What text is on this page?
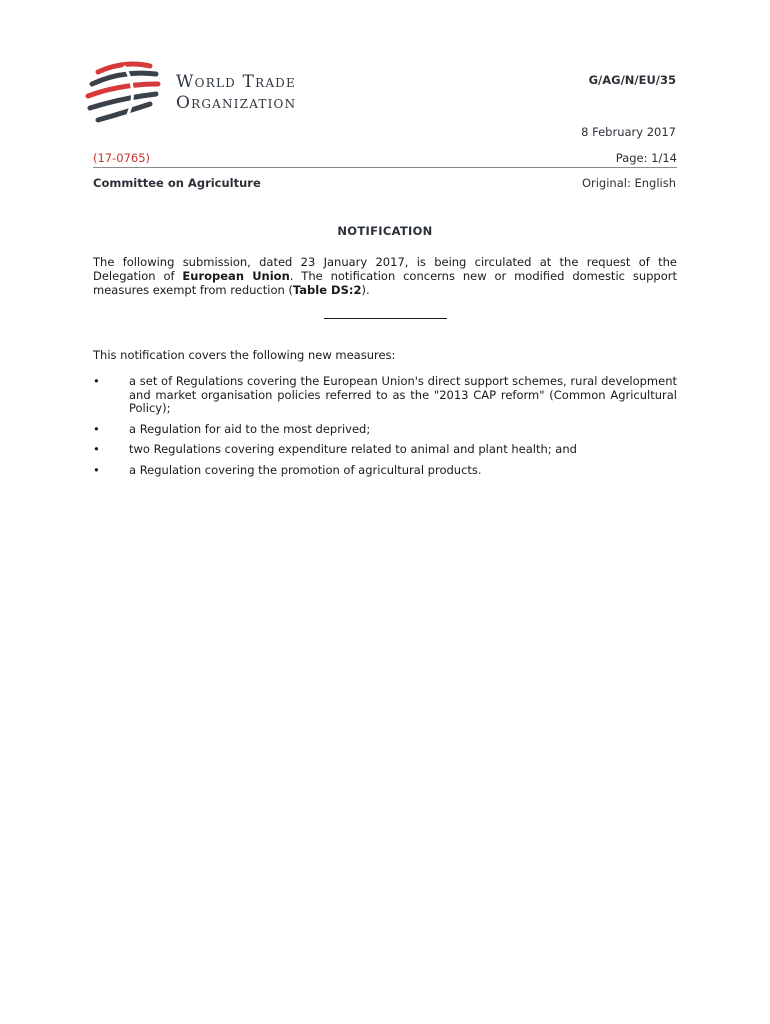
World Trade
Organization
G/AG/N/EU/35
8 February 2017
(17-0765)	Page: 1/14
Committee on Agriculture	Original: English
NOTIFICATION

The following submission, dated 23 January 2017, is being circulated at the request of the Delegation of European Union. The notification concerns new or modified domestic support measures exempt from reduction (Table DS:2).

This notification covers the following new measures:
•	a set of Regulations covering the European Union's direct support schemes, rural development and market organisation policies referred to as the "2013 CAP reform" (Common Agricultural Policy);
•	a Regulation for aid to the most deprived;
•	two Regulations covering expenditure related to animal and plant health; and
•	a Regulation covering the promotion of agricultural products.
